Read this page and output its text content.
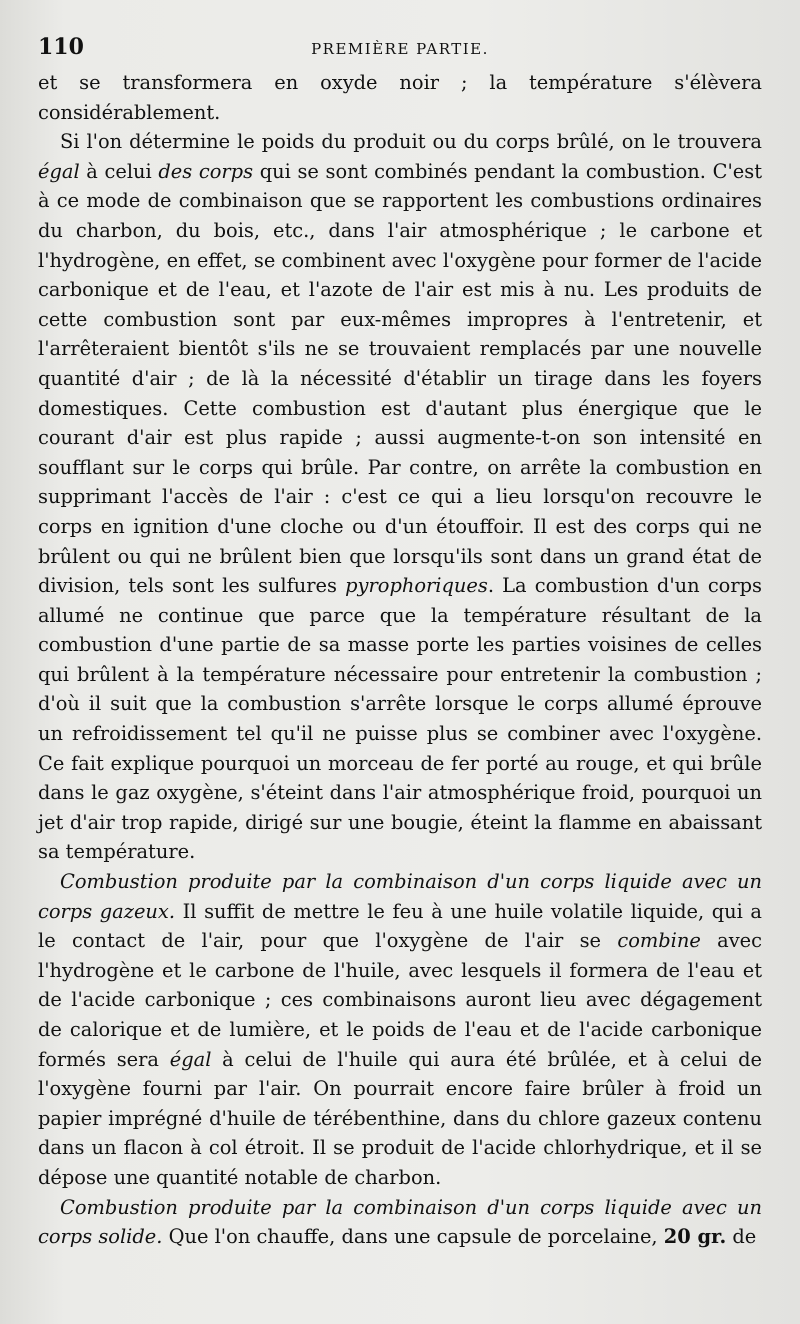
110	PREMIÈRE PARTIE.

et se transformera en oxyde noir ; la température s'élèvera considérablement.

Si l'on détermine le poids du produit ou du corps brûlé, on le trouvera égal à celui des corps qui se sont combinés pendant la combustion. C'est à ce mode de combinaison que se rapportent les combustions ordinaires du charbon, du bois, etc., dans l'air atmosphérique ; le carbone et l'hydrogène, en effet, se combinent avec l'oxygène pour former de l'acide carbonique et de l'eau, et l'azote de l'air est mis à nu. Les produits de cette combustion sont par eux-mêmes impropres à l'entretenir, et l'arrêteraient bientôt s'ils ne se trouvaient remplacés par une nouvelle quantité d'air ; de là la nécessité d'établir un tirage dans les foyers domestiques. Cette combustion est d'autant plus énergique que le courant d'air est plus rapide ; aussi augmente-t-on son intensité en soufflant sur le corps qui brûle. Par contre, on arrête la combustion en supprimant l'accès de l'air : c'est ce qui a lieu lorsqu'on recouvre le corps en ignition d'une cloche ou d'un étouffoir. Il est des corps qui ne brûlent ou qui ne brûlent bien que lorsqu'ils sont dans un grand état de division, tels sont les sulfures pyrophoriques. La combustion d'un corps allumé ne continue que parce que la température résultant de la combustion d'une partie de sa masse porte les parties voisines de celles qui brûlent à la température nécessaire pour entretenir la combustion ; d'où il suit que la combustion s'arrête lorsque le corps allumé éprouve un refroidissement tel qu'il ne puisse plus se combiner avec l'oxygène. Ce fait explique pourquoi un morceau de fer porté au rouge, et qui brûle dans le gaz oxygène, s'éteint dans l'air atmosphérique froid, pourquoi un jet d'air trop rapide, dirigé sur une bougie, éteint la flamme en abaissant sa température.

Combustion produite par la combinaison d'un corps liquide avec un corps gazeux. Il suffit de mettre le feu à une huile volatile liquide, qui a le contact de l'air, pour que l'oxygène de l'air se combine avec l'hydrogène et le carbone de l'huile, avec lesquels il formera de l'eau et de l'acide carbonique ; ces combinaisons auront lieu avec dégagement de calorique et de lumière, et le poids de l'eau et de l'acide carbonique formés sera égal à celui de l'huile qui aura été brûlée, et à celui de l'oxygène fourni par l'air. On pourrait encore faire brûler à froid un papier imprégné d'huile de térébenthine, dans du chlore gazeux contenu dans un flacon à col étroit. Il se produit de l'acide chlorhydrique, et il se dépose une quantité notable de charbon.

Combustion produite par la combinaison d'un corps liquide avec un corps solide. Que l'on chauffe, dans une capsule de porcelaine, 20 gr. de
